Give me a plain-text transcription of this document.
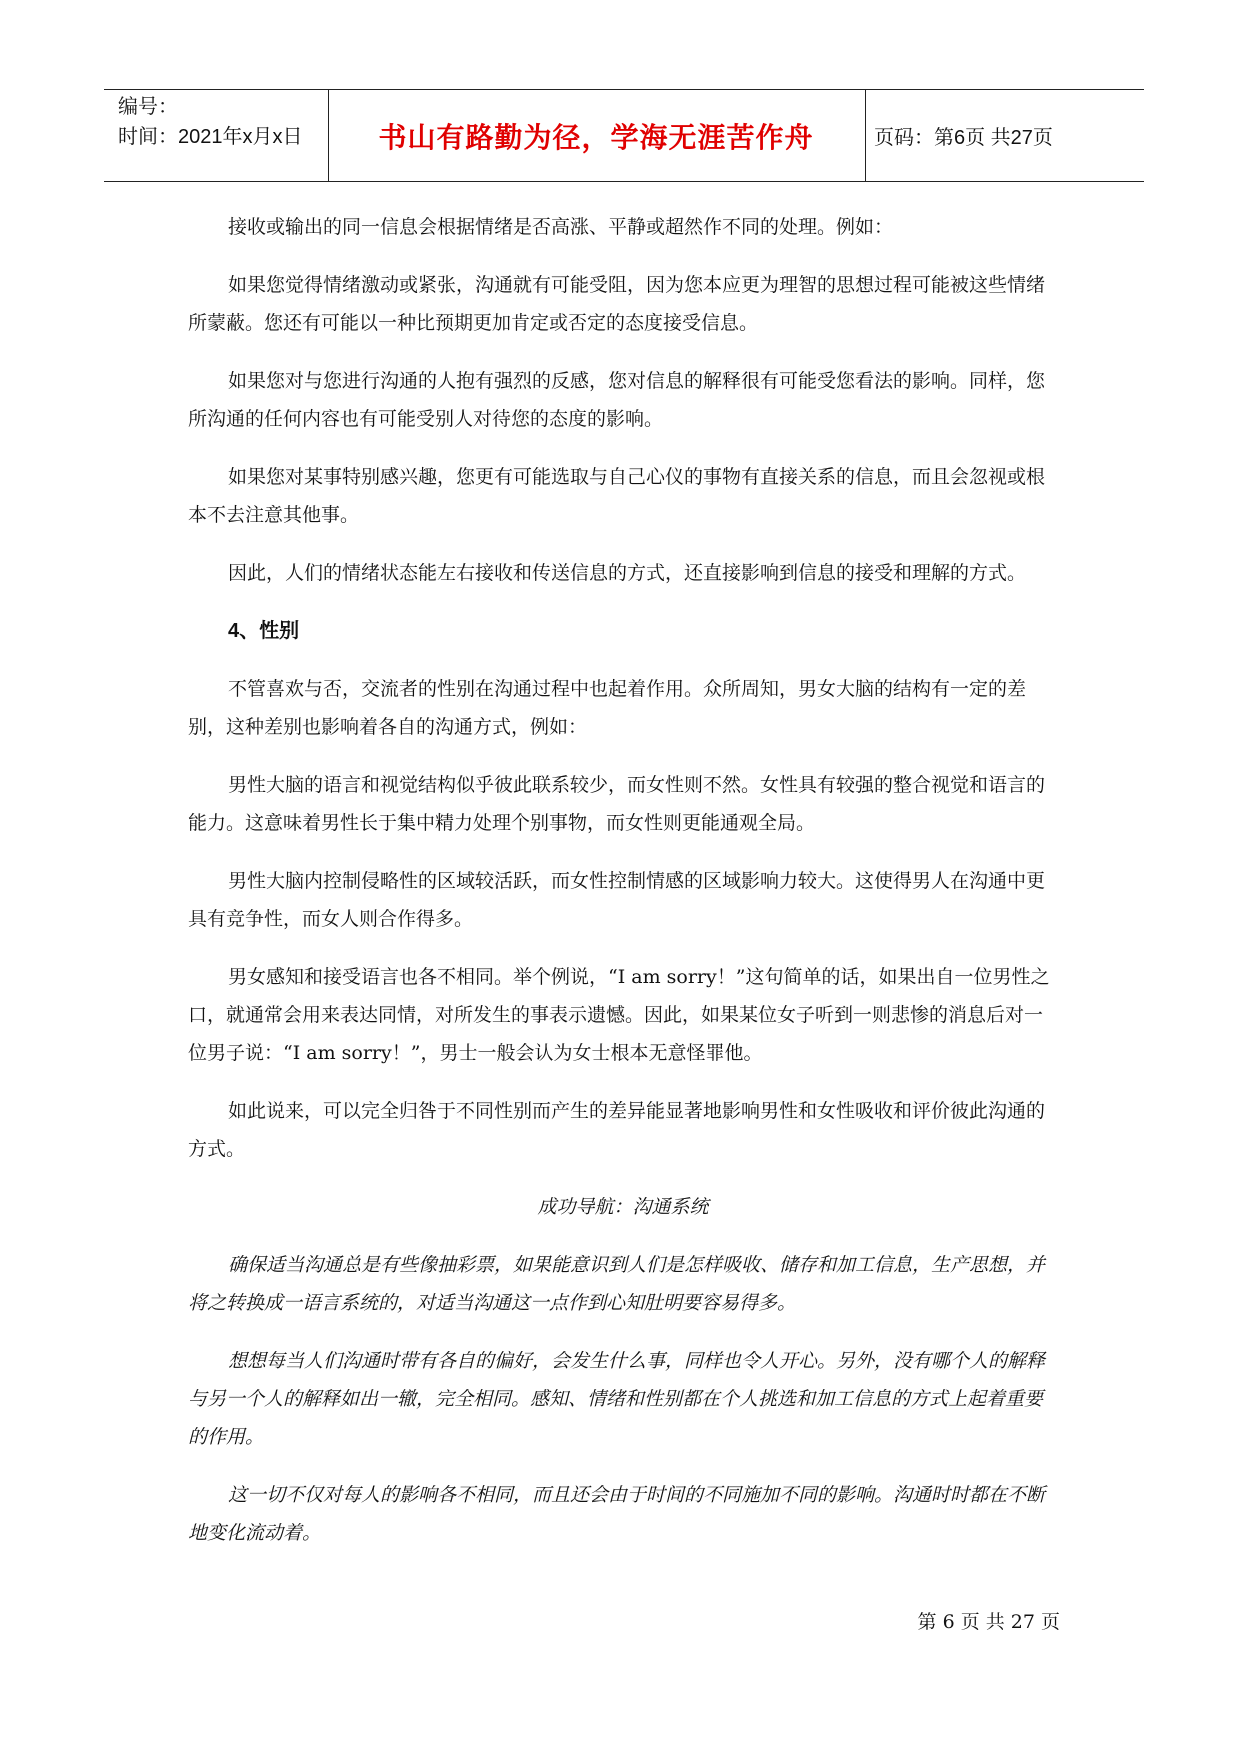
编号：
时间：2021年x月x日	书山有路勤为径，学海无涯苦作舟	页码：第6页 共27页

接收或输出的同一信息会根据情绪是否高涨、平静或超然作不同的处理。例如：

如果您觉得情绪激动或紧张，沟通就有可能受阻，因为您本应更为理智的思想过程可能被这些情绪所蒙蔽。您还有可能以一种比预期更加肯定或否定的态度接受信息。

如果您对与您进行沟通的人抱有强烈的反感，您对信息的解释很有可能受您看法的影响。同样，您所沟通的任何内容也有可能受别人对待您的态度的影响。

如果您对某事特别感兴趣，您更有可能选取与自己心仪的事物有直接关系的信息，而且会忽视或根本不去注意其他事。

因此，人们的情绪状态能左右接收和传送信息的方式，还直接影响到信息的接受和理解的方式。

4、性别

不管喜欢与否，交流者的性别在沟通过程中也起着作用。众所周知，男女大脑的结构有一定的差别，这种差别也影响着各自的沟通方式，例如：

男性大脑的语言和视觉结构似乎彼此联系较少，而女性则不然。女性具有较强的整合视觉和语言的能力。这意味着男性长于集中精力处理个别事物，而女性则更能通观全局。

男性大脑内控制侵略性的区域较活跃，而女性控制情感的区域影响力较大。这使得男人在沟通中更具有竞争性，而女人则合作得多。

男女感知和接受语言也各不相同。举个例说，“I am sorry！”这句简单的话，如果出自一位男性之口，就通常会用来表达同情，对所发生的事表示遗憾。因此，如果某位女子听到一则悲惨的消息后对一位男子说：“I am sorry！”，男士一般会认为女士根本无意怪罪他。

如此说来，可以完全归咎于不同性别而产生的差异能显著地影响男性和女性吸收和评价彼此沟通的方式。

成功导航：沟通系统

确保适当沟通总是有些像抽彩票，如果能意识到人们是怎样吸收、储存和加工信息，生产思想，并将之转换成一语言系统的，对适当沟通这一点作到心知肚明要容易得多。

想想每当人们沟通时带有各自的偏好，会发生什么事，同样也令人开心。另外，没有哪个人的解释与另一个人的解释如出一辙，完全相同。感知、情绪和性别都在个人挑选和加工信息的方式上起着重要的作用。

这一切不仅对每人的影响各不相同，而且还会由于时间的不同施加不同的影响。沟通时时都在不断地变化流动着。

第 6 页 共 27 页
